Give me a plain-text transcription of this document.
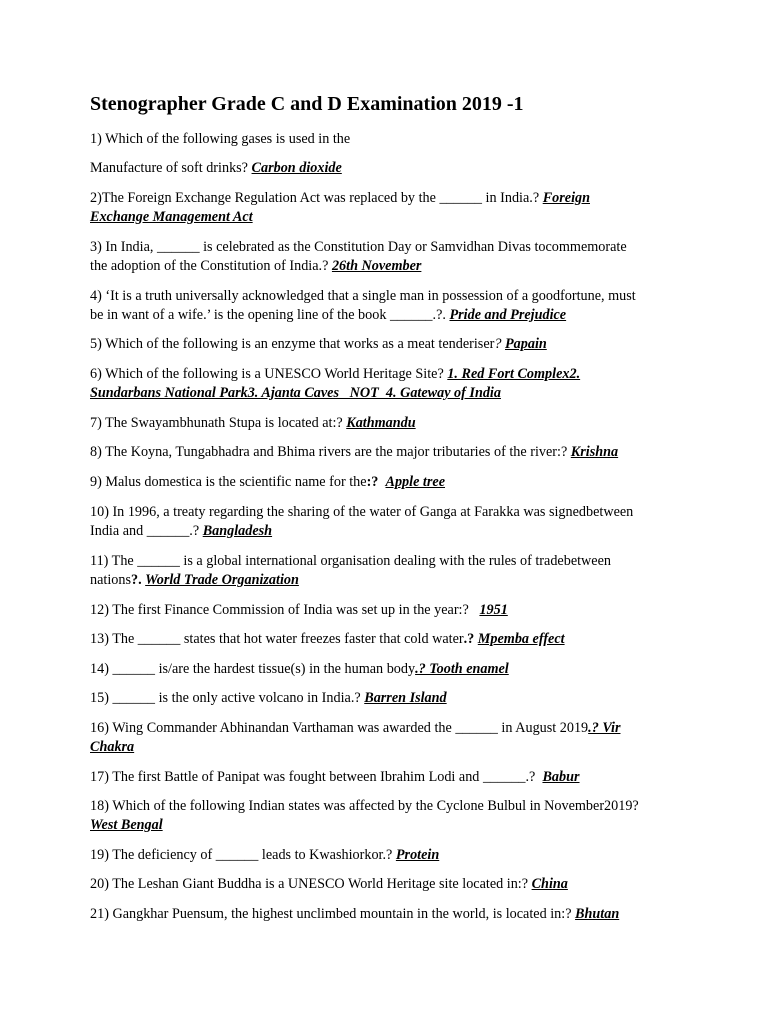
Stenographer Grade C and D Examination 2019 -1
1) Which of the following gases is used in the
Manufacture of soft drinks? Carbon dioxide
2)The Foreign Exchange Regulation Act was replaced by the ______ in India.? Foreign
Exchange Management Act
3) In India, ______ is celebrated as the Constitution Day or Samvidhan Divas tocommemorate
the adoption of the Constitution of India.? 26th November
4) ‘It is a truth universally acknowledged that a single man in possession of a goodfortune, must
be in want of a wife.’ is the opening line of the book ______.?. Pride and Prejudice
5) Which of the following is an enzyme that works as a meat tenderiser? Papain
6) Which of the following is a UNESCO World Heritage Site? 1. Red Fort Complex2.
Sundarbans National Park3. Ajanta Caves   NOT  4. Gateway of India
7) The Swayambhunath Stupa is located at:? Kathmandu
8) The Koyna, Tungabhadra and Bhima rivers are the major tributaries of the river:? Krishna
9) Malus domestica is the scientific name for the:?  Apple tree
10) In 1996, a treaty regarding the sharing of the water of Ganga at Farakka was signedbetween
India and ______.? Bangladesh
11) The ______ is a global international organisation dealing with the rules of tradebetween
nations?. World Trade Organization
12) The first Finance Commission of India was set up in the year:?   1951
13) The ______ states that hot water freezes faster that cold water.? Mpemba effect
14) ______ is/are the hardest tissue(s) in the human body.? Tooth enamel
15) ______ is the only active volcano in India.? Barren Island
16) Wing Commander Abhinandan Varthaman was awarded the ______ in August 2019.? Vir
Chakra
17) The first Battle of Panipat was fought between Ibrahim Lodi and ______.?  Babur
18) Which of the following Indian states was affected by the Cyclone Bulbul in November2019?
West Bengal
19) The deficiency of ______ leads to Kwashiorkor.? Protein
20) The Leshan Giant Buddha is a UNESCO World Heritage site located in:? China
21) Gangkhar Puensum, the highest unclimbed mountain in the world, is located in:? Bhutan
